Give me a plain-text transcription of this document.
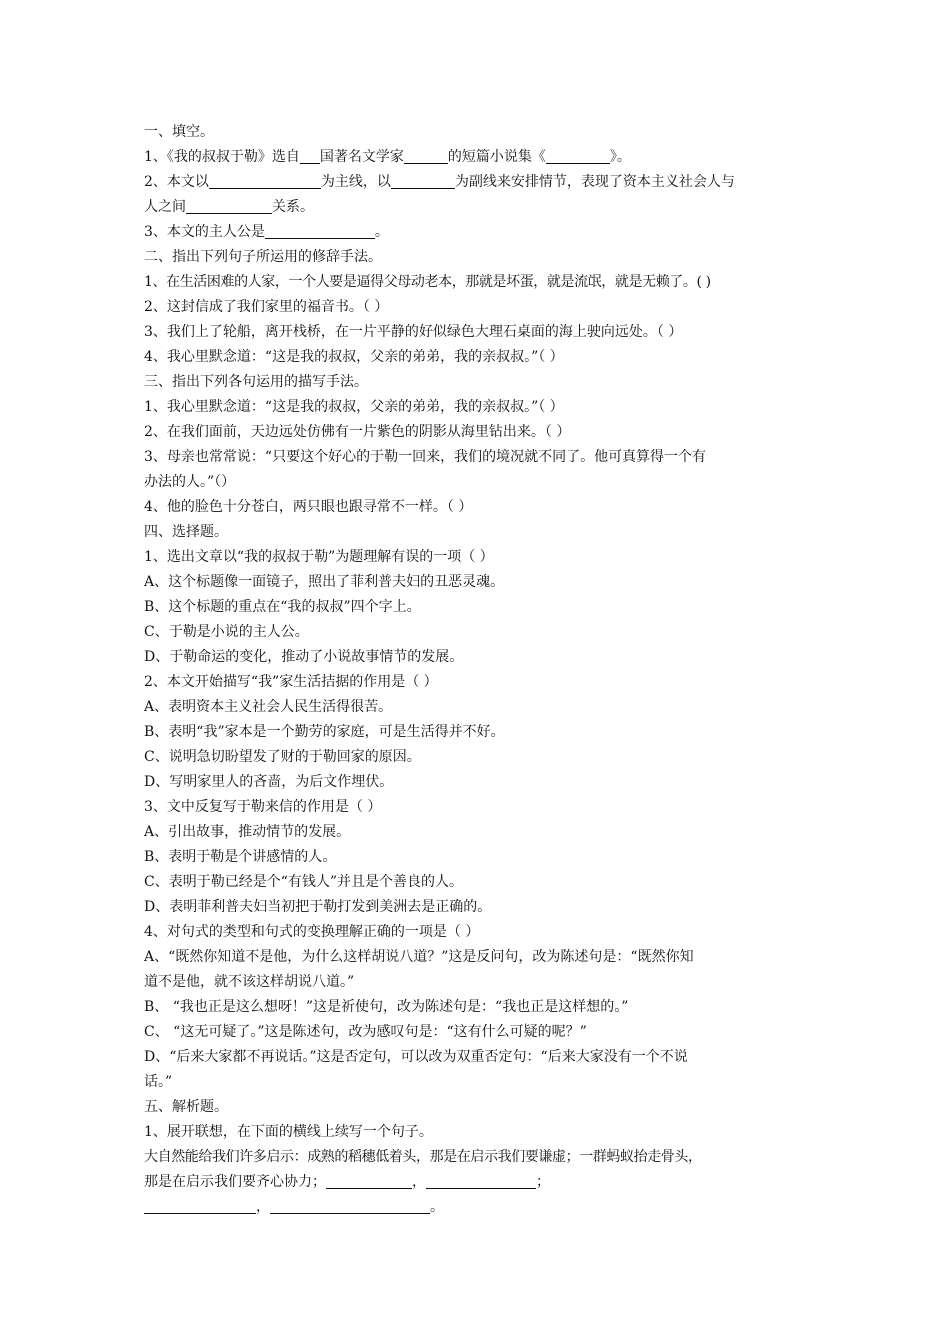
一、填空。
1、《我的叔叔于勒》选自 国著名文学家	的短篇小说集《	》。
2、本文以	为主线，以	为副线来安排情节，表现了资本主义社会人与
人之间	关系。
3、本文的主人公是	。
二、指出下列句子所运用的修辞手法。
1、在生活困难的人家，一个人要是逼得父母动老本，那就是坏蛋，就是流氓，就是无赖了。( )
2、这封信成了我们家里的福音书。（ ）
3、我们上了轮船，离开栈桥，在一片平静的好似绿色大理石桌面的海上驶向远处。（ ）
4、我心里默念道：“这是我的叔叔，父亲的弟弟，我的亲叔叔。”（ ）
三、指出下列各句运用的描写手法。
1、我心里默念道：“这是我的叔叔，父亲的弟弟，我的亲叔叔。”（ ）
2、在我们面前，天边远处仿佛有一片紫色的阴影从海里钻出来。（ ）
3、母亲也常常说：“只要这个好心的于勒一回来，我们的境况就不同了。他可真算得一个有
办法的人。”（）
4、他的脸色十分苍白，两只眼也跟寻常不一样。（ ）
四、选择题。
1、选出文章以“我的叔叔于勒”为题理解有误的一项（ ）
A、这个标题像一面镜子，照出了菲利普夫妇的丑恶灵魂。
B、这个标题的重点在“我的叔叔”四个字上。
C、于勒是小说的主人公。
D、于勒命运的变化，推动了小说故事情节的发展。
2、本文开始描写“我”家生活拮据的作用是（ ）
A、表明资本主义社会人民生活得很苦。
B、表明“我”家本是一个勤劳的家庭，可是生活得并不好。
C、说明急切盼望发了财的于勒回家的原因。
D、写明家里人的吝啬，为后文作埋伏。
3、文中反复写于勒来信的作用是（ ）
A、引出故事，推动情节的发展。
B、表明于勒是个讲感情的人。
C、表明于勒已经是个“有钱人”并且是个善良的人。
D、表明菲利普夫妇当初把于勒打发到美洲去是正确的。
4、对句式的类型和句式的变换理解正确的一项是（ ）
A、“既然你知道不是他，为什么这样胡说八道？”这是反问句，改为陈述句是：“既然你知
道不是他，就不该这样胡说八道。”
B、 “我也正是这么想呀！”这是祈使句，改为陈述句是：“我也正是这样想的。”
C、 “这无可疑了。”这是陈述句，改为感叹句是：“这有什么可疑的呢？”
D、“后来大家都不再说话。”这是否定句，可以改为双重否定句：“后来大家没有一个不说
话。”
五、解析题。
1、展开联想，在下面的横线上续写一个句子。
大自然能给我们许多启示：成熟的稻穗低着头，那是在启示我们要谦虚；一群蚂蚁抬走骨头，
那是在启示我们要齐心协力；	，	；
，	。
